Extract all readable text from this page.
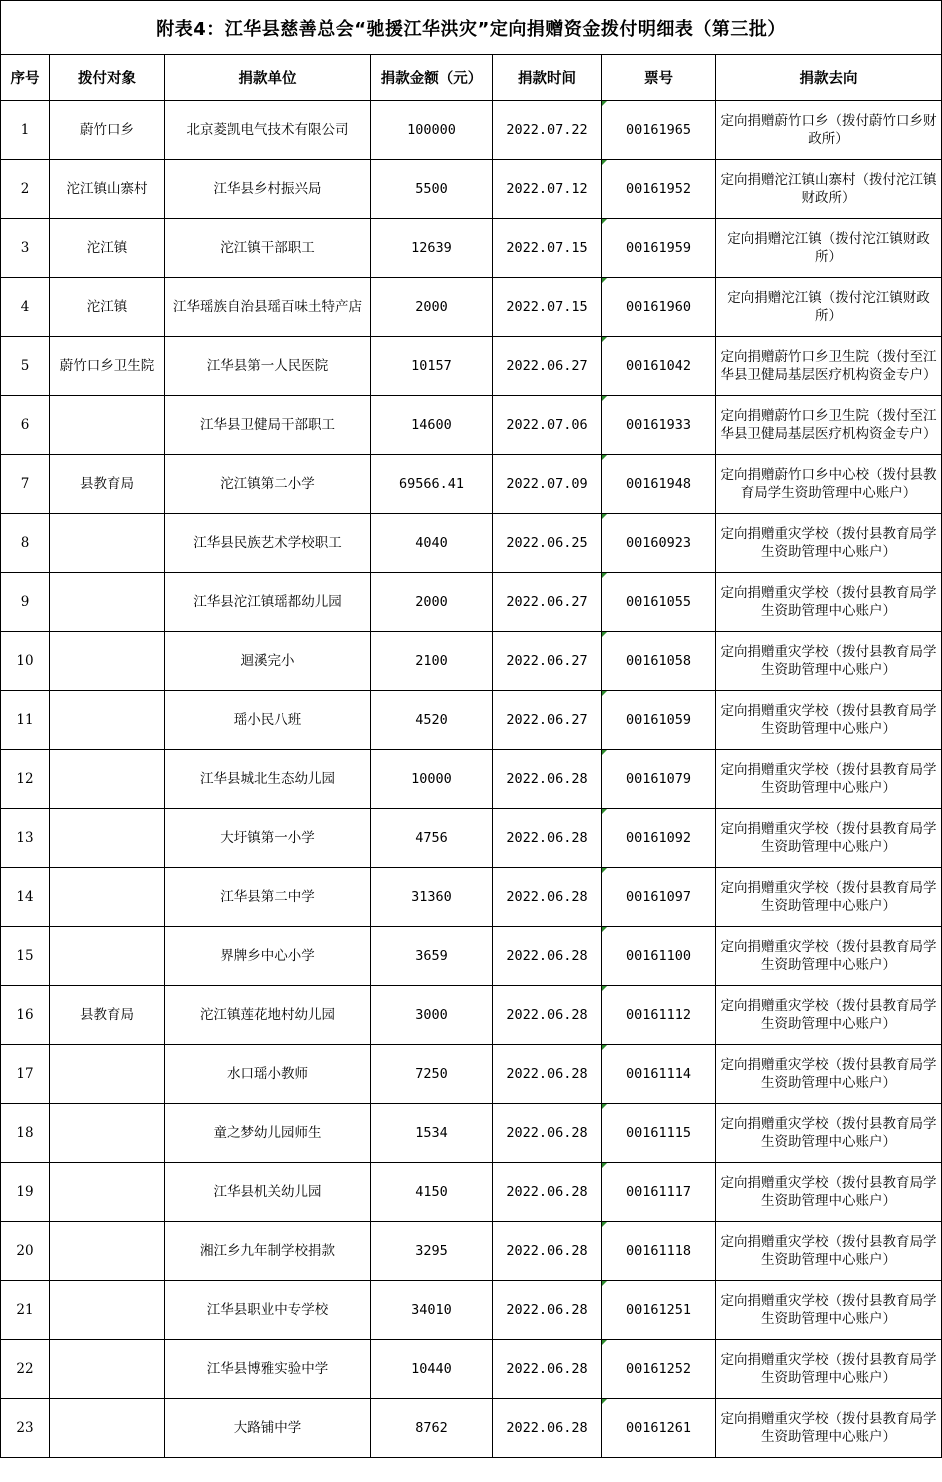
附表4：江华县慈善总会“驰援江华洪灾”定向捐赠资金拨付明细表（第三批）						
序号	拨付对象	捐款单位	捐款金额（元）	捐款时间	票号	捐款去向
1	蔚竹口乡	北京菱凯电气技术有限公司	100000	2022.07.22	00161965	定向捐赠蔚竹口乡（拨付蔚竹口乡财政所）
2	沱江镇山寨村	江华县乡村振兴局	5500	2022.07.12	00161952	定向捐赠沱江镇山寨村（拨付沱江镇财政所）
3	沱江镇	沱江镇干部职工	12639	2022.07.15	00161959	定向捐赠沱江镇（拨付沱江镇财政所）
4	沱江镇	江华瑶族自治县瑶百味土特产店	2000	2022.07.15	00161960	定向捐赠沱江镇（拨付沱江镇财政所）
5	蔚竹口乡卫生院	江华县第一人民医院	10157	2022.06.27	00161042	定向捐赠蔚竹口乡卫生院（拨付至江华县卫健局基层医疗机构资金专户）
6		江华县卫健局干部职工	14600	2022.07.06	00161933	定向捐赠蔚竹口乡卫生院（拨付至江华县卫健局基层医疗机构资金专户）
7	县教育局	沱江镇第二小学	69566.41	2022.07.09	00161948	定向捐赠蔚竹口乡中心校（拨付县教育局学生资助管理中心账户）
8		江华县民族艺术学校职工	4040	2022.06.25	00160923	定向捐赠重灾学校（拨付县教育局学生资助管理中心账户）
9		江华县沱江镇瑶都幼儿园	2000	2022.06.27	00161055	定向捐赠重灾学校（拨付县教育局学生资助管理中心账户）
10		迴溪完小	2100	2022.06.27	00161058	定向捐赠重灾学校（拨付县教育局学生资助管理中心账户）
11		瑶小民八班	4520	2022.06.27	00161059	定向捐赠重灾学校（拨付县教育局学生资助管理中心账户）
12		江华县城北生态幼儿园	10000	2022.06.28	00161079	定向捐赠重灾学校（拨付县教育局学生资助管理中心账户）
13		大圩镇第一小学	4756	2022.06.28	00161092	定向捐赠重灾学校（拨付县教育局学生资助管理中心账户）
14		江华县第二中学	31360	2022.06.28	00161097	定向捐赠重灾学校（拨付县教育局学生资助管理中心账户）
15		界牌乡中心小学	3659	2022.06.28	00161100	定向捐赠重灾学校（拨付县教育局学生资助管理中心账户）
16	县教育局	沱江镇莲花地村幼儿园	3000	2022.06.28	00161112	定向捐赠重灾学校（拨付县教育局学生资助管理中心账户）
17		水口瑶小教师	7250	2022.06.28	00161114	定向捐赠重灾学校（拨付县教育局学生资助管理中心账户）
18		童之梦幼儿园师生	1534	2022.06.28	00161115	定向捐赠重灾学校（拨付县教育局学生资助管理中心账户）
19		江华县机关幼儿园	4150	2022.06.28	00161117	定向捐赠重灾学校（拨付县教育局学生资助管理中心账户）
20		湘江乡九年制学校捐款	3295	2022.06.28	00161118	定向捐赠重灾学校（拨付县教育局学生资助管理中心账户）
21		江华县职业中专学校	34010	2022.06.28	00161251	定向捐赠重灾学校（拨付县教育局学生资助管理中心账户）
22		江华县博雅实验中学	10440	2022.06.28	00161252	定向捐赠重灾学校（拨付县教育局学生资助管理中心账户）
23		大路铺中学	8762	2022.06.28	00161261	定向捐赠重灾学校（拨付县教育局学生资助管理中心账户）
